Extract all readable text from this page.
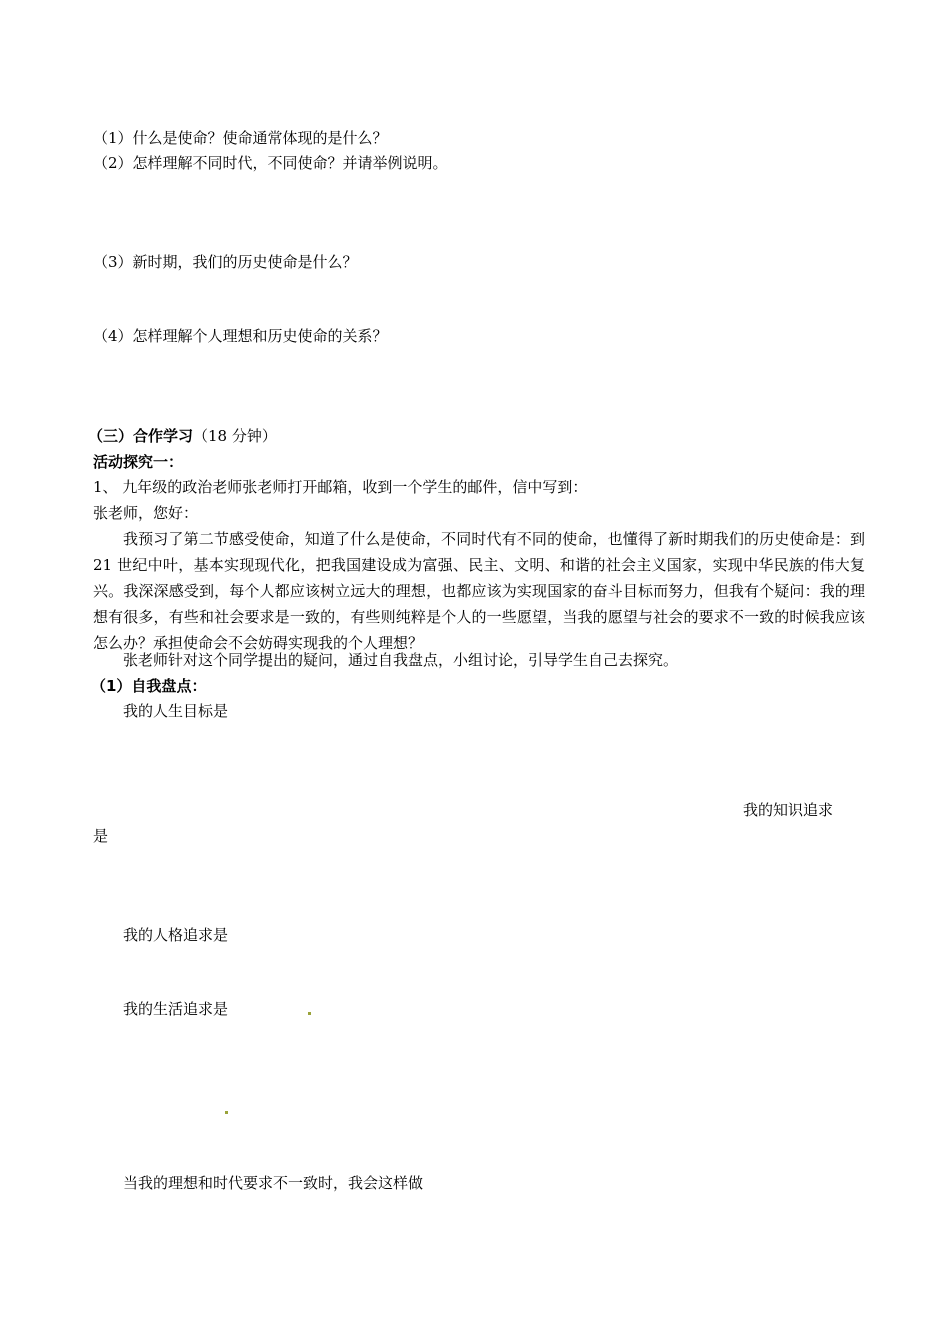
（1）什么是使命？使命通常体现的是什么？
（2）怎样理解不同时代，不同使命？并请举例说明。
（3）新时期，我们的历史使命是什么？
（4）怎样理解个人理想和历史使命的关系？
（三）合作学习（18 分钟）
活动探究一：
1、 九年级的政治老师张老师打开邮箱，收到一个学生的邮件，信中写到：
张老师，您好：
我预习了第二节感受使命，知道了什么是使命，不同时代有不同的使命，也懂得了新时期我们的历史使命是：到 21 世纪中叶，基本实现现代化，把我国建设成为富强、民主、文明、和谐的社会主义国家，实现中华民族的伟大复兴。我深深感受到，每个人都应该树立远大的理想，也都应该为实现国家的奋斗目标而努力，但我有个疑问：我的理想有很多，有些和社会要求是一致的，有些则纯粹是个人的一些愿望，当我的愿望与社会的要求不一致的时候我应该怎么办？承担使命会不会妨碍实现我的个人理想？
张老师针对这个同学提出的疑问，通过自我盘点，小组讨论，引导学生自己去探究。
（1）自我盘点：
我的人生目标是
我的知识追求
是
我的人格追求是
我的生活追求是
当我的理想和时代要求不一致时，我会这样做
